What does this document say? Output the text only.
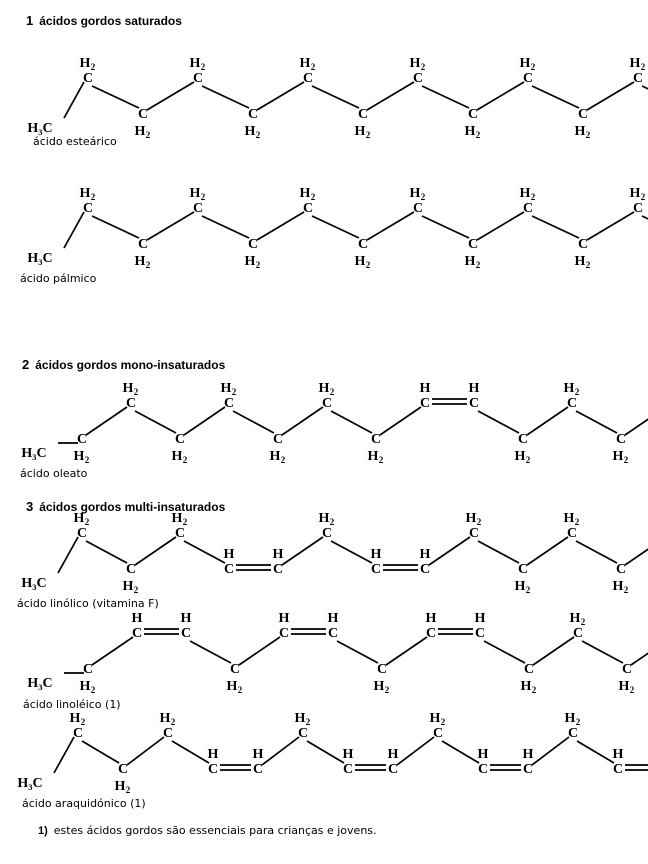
1 ácidos gordos saturados
2 ácidos gordos mono-insaturados
3 ácidos gordos multi-insaturados
H₃C
C
H 2
C
H 2
C
H 2
C
H 2
C
H 2
C
H 2
C
H 2
C
H 2
C
H 2
C
H 2
C
H 2
H₃C
C
H 2
C
H 2
C
H 2
C
H 2
C
H 2
C
H 2
C
H 2
C
H 2
C
H 2
C
H 2
C
H 2
H₃C
C
H 2
C
H 2
C
H 2
C
H 2
C
H 2
C
H 2
C
H 2
C
H
C
H
C
H 2
C
H 2
C
H 2
H₃C
C
H 2
C
H 2
C
H 2
C
H
C
H
C
H 2
C
H
C
H
C
H 2
C
H 2
C
H 2
C
H 2
H₃C
C
H 2
C
H
C
H
C
H 2
C
H
C
H
C
H 2
C
H
C
H
C
H 2
C
H 2
C
H 2
H₃C
C
H 2
C
H 2
C
H 2
C
H
C
H
C
H 2
C
H
C
H
C
H 2
C
H
C
H
C
H 2
C
H
ácido esteárico
ácido pálmico
ácido oleato
ácido linólico (vitamina F)
ácido linoléico (1)
ácido araquidónico (1)
1) estes ácidos gordos são essenciais para crianças e jovens.
